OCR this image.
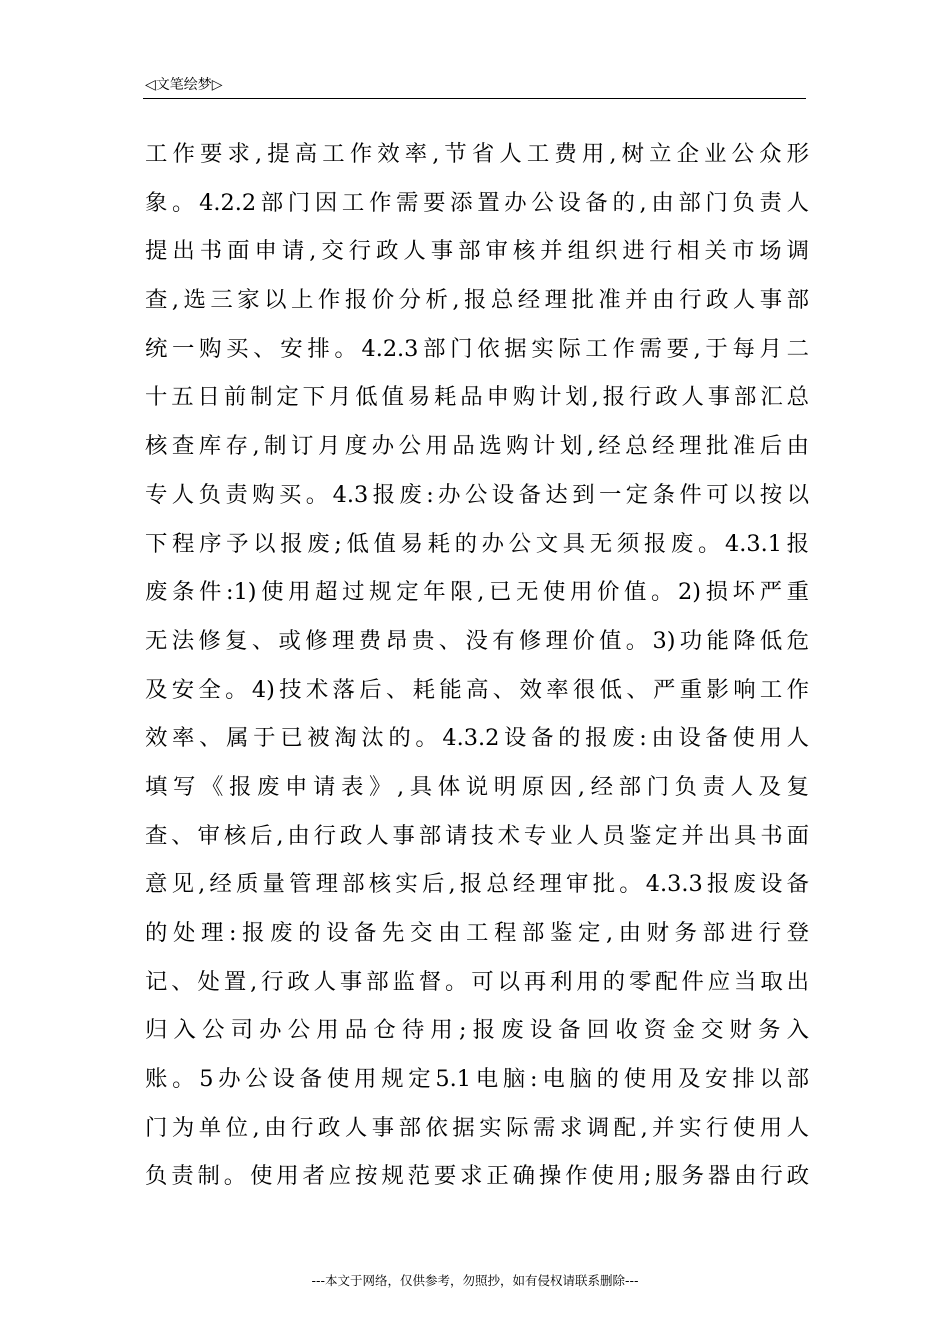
◁文笔绘梦▷
工作要求,提高工作效率,节省人工费用,树立企业公众形
象。4.2.2部门因工作需要添置办公设备的,由部门负责人
提出书面申请,交行政人事部审核并组织进行相关市场调
查,选三家以上作报价分析,报总经理批准并由行政人事部
统一购买、安排。4.2.3部门依据实际工作需要,于每月二
十五日前制定下月低值易耗品申购计划,报行政人事部汇总
核查库存,制订月度办公用品选购计划,经总经理批准后由
专人负责购买。4.3报废:办公设备达到一定条件可以按以
下程序予以报废;低值易耗的办公文具无须报废。4.3.1报
废条件:1)使用超过规定年限,已无使用价值。2)损坏严重
无法修复、或修理费昂贵、没有修理价值。3)功能降低危
及安全。4)技术落后、耗能高、效率很低、严重影响工作
效率、属于已被淘汰的。4.3.2设备的报废:由设备使用人
填写《报废申请表》,具体说明原因,经部门负责人及复
查、审核后,由行政人事部请技术专业人员鉴定并出具书面
意见,经质量管理部核实后,报总经理审批。4.3.3报废设备
的处理:报废的设备先交由工程部鉴定,由财务部进行登
记、处置,行政人事部监督。可以再利用的零配件应当取出
归入公司办公用品仓待用;报废设备回收资金交财务入
账。5办公设备使用规定5.1电脑:电脑的使用及安排以部
门为单位,由行政人事部依据实际需求调配,并实行使用人
负责制。使用者应按规范要求正确操作使用;服务器由行政
---本文于网络，仅供参考，勿照抄，如有侵权请联系删除---
